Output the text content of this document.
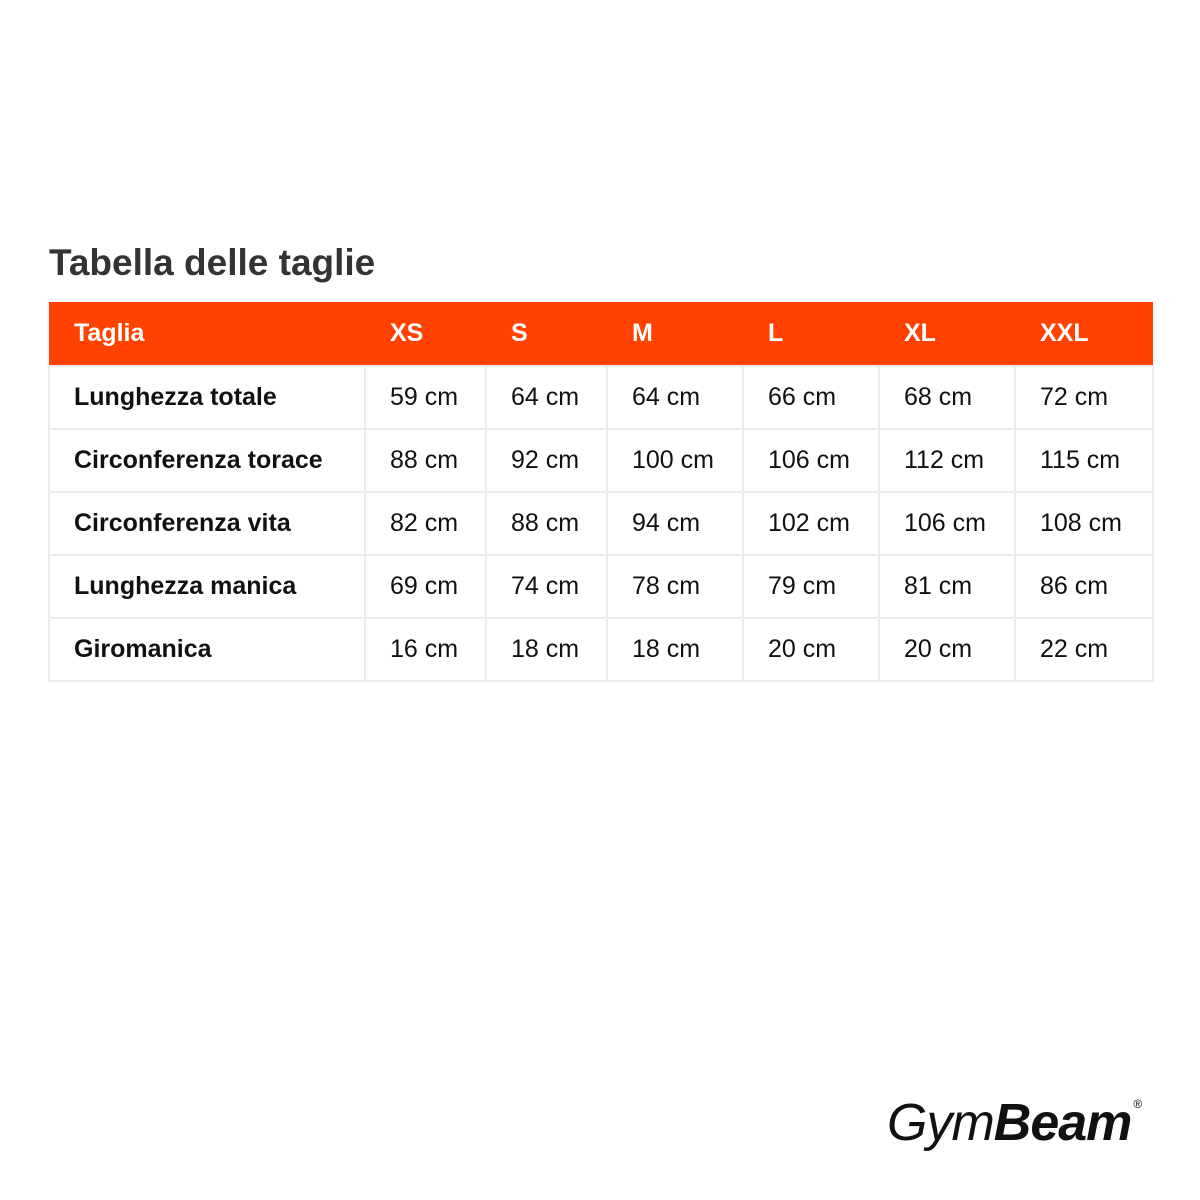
Tabella delle taglie
Taglia	XS	S	M	L	XL	XXL
Lunghezza totale	59 cm	64 cm	64 cm	66 cm	68 cm	72 cm
Circonferenza torace	88 cm	92 cm	100 cm	106 cm	112 cm	115 cm
Circonferenza vita	82 cm	88 cm	94 cm	102 cm	106 cm	108 cm
Lunghezza manica	69 cm	74 cm	78 cm	79 cm	81 cm	86 cm
Giromanica	16 cm	18 cm	18 cm	20 cm	20 cm	22 cm
Gym Beam ®
